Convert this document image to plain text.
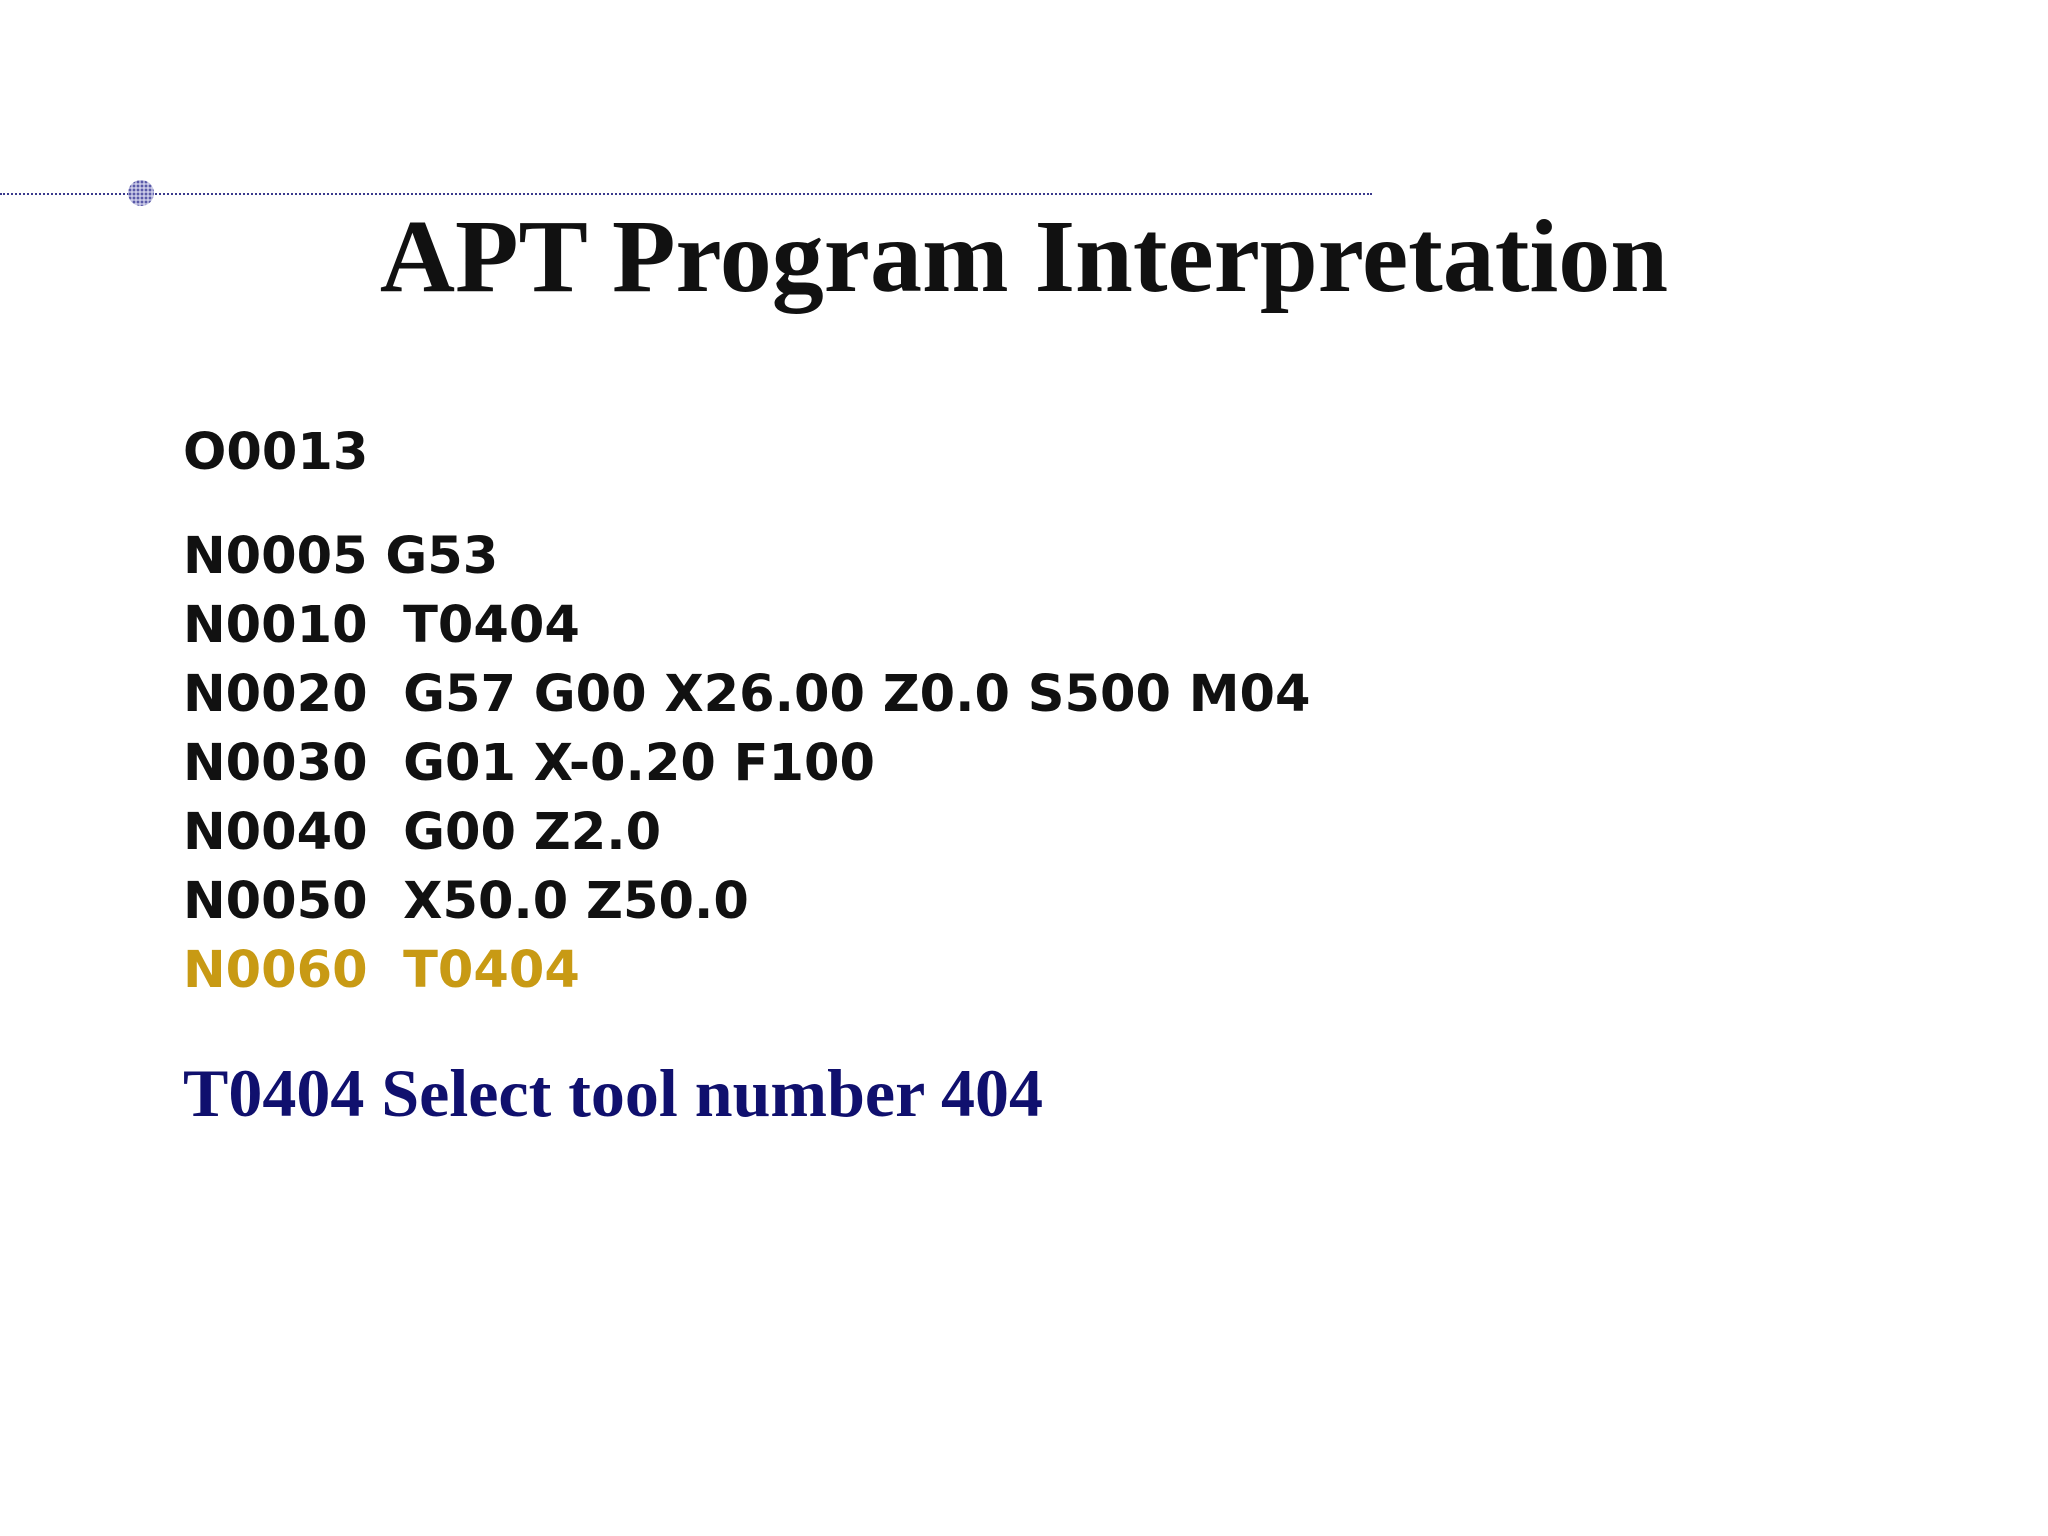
APT Program Interpretation
O0013
N0005 G53
N0010  T0404
N0020  G57 G00 X26.00 Z0.0 S500 M04
N0030  G01 X-0.20 F100
N0040  G00 Z2.0
N0050  X50.0 Z50.0
N0060  T0404
T0404 Select tool number 404
